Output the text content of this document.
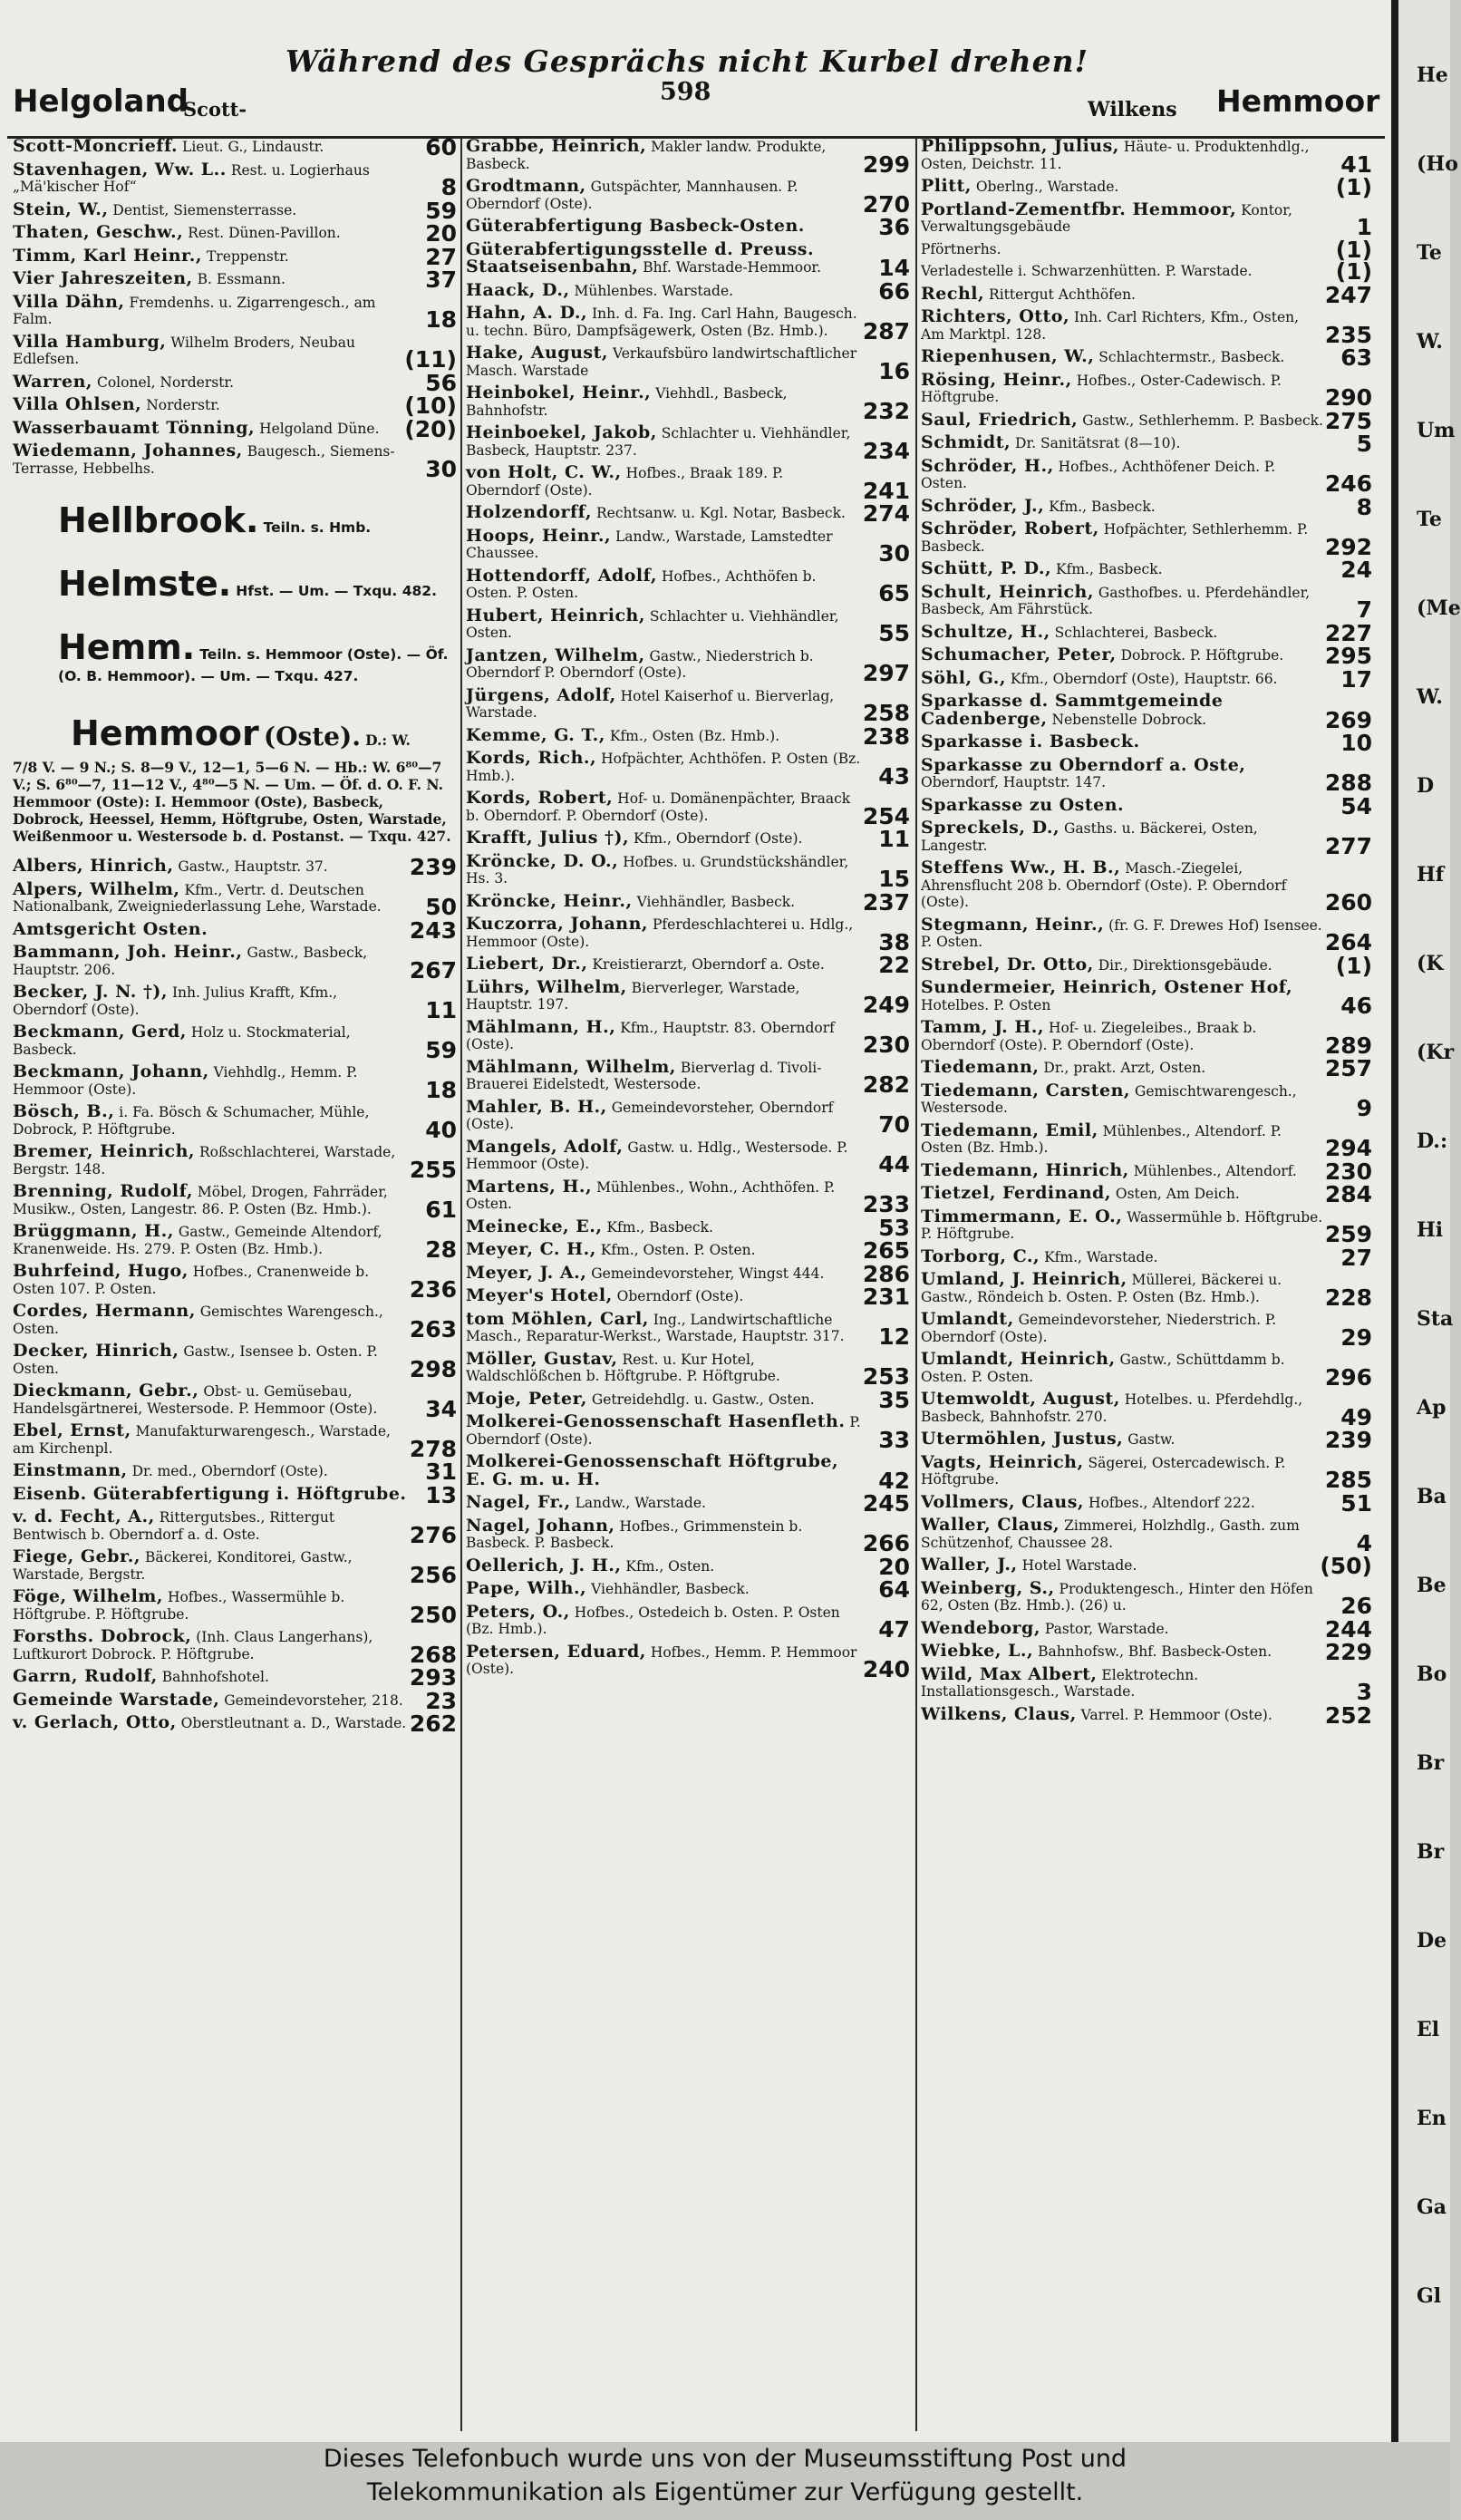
Während des Gesprächs nicht Kurbel drehen!
598
Helgoland
Scott-	Wilkens Hemmoor
Scott-Moncrieff. Lieut. G., Lindaustr.	60
Stavenhagen, Ww. L.. Rest. u. Logierhaus „Mä'kischer Hof“	8
Stein, W., Dentist, Siemensterrasse.	59
Thaten, Geschw., Rest. Dünen-Pavillon.	20
Timm, Karl Heinr., Treppenstr.	27
Vier Jahreszeiten, B. Essmann.	37
Villa Dähn, Fremdenhs. u. Zigarrengesch., am Falm.	18
Villa Hamburg, Wilhelm Broders, Neubau Edlefsen.	(11)
Warren, Colonel, Norderstr.	56
Villa Ohlsen, Norderstr.	(10)
Wasserbauamt Tönning, Helgoland Düne. (20)
Wiedemann, Johannes, Baugesch., Siemens-Terrasse, Hebbelhs.	30
Hellbrook. Teiln. s. Hmb.
Helmste. Hfst. — Um. — Txqu. 482.
Hemm. Teiln. s. Hemmoor (Oste). — Öf. (O. B. Hemmoor). — Um. — Txqu. 427.
Hemmoor (Oste). D.: W.
7/8 V. — 9 N.; S. 8—9 V., 12—1, 5—6 N. — Hb.: W. 6⁸⁰—7 V.; S. 6⁸⁰—7, 11—12 V., 4⁸⁰—5 N. — Um. — Öf. d. O. F. N. Hemmoor (Oste): I. Hemmoor (Oste), Basbeck, Dobrock, Heessel, Hemm, Höftgrube, Osten, Warstade, Weißenmoor u. Westersode b. d. Postanst. — Txqu. 427.
Albers, Hinrich, Gastw., Hauptstr. 37.	239
Alpers, Wilhelm, Kfm., Vertr. d. Deutschen Nationalbank, Zweigniederlassung Lehe, Warstade. 50
Amtsgericht Osten.	243
Bammann, Joh. Heinr., Gastw., Basbeck, Hauptstr. 206.	267
Becker, J. N. †), Inh. Julius Krafft, Kfm., Oberndorf (Oste).	11
Beckmann, Gerd, Holz u. Stockmaterial, Basbeck.	59
Beckmann, Johann, Viehhdlg., Hemm. P. Hemmoor (Oste).	18
Bösch, B., i. Fa. Bösch & Schumacher, Mühle, Dobrock, P. Höftgrube.	40
Bremer, Heinrich, Roßschlachterei, Warstade, Bergstr. 148.	255
Brenning, Rudolf, Möbel, Drogen, Fahrräder, Musikw., Osten, Langestr. 86. P. Osten (Bz. Hmb.). 61
Brüggmann, H., Gastw., Gemeinde Altendorf, Kranenweide. Hs. 279. P. Osten (Bz. Hmb.).	28
Buhrfeind, Hugo, Hofbes., Cranenweide b. Osten 107. P. Osten.	236
Cordes, Hermann, Gemischtes Warengesch., Osten.	263
Decker, Hinrich, Gastw., Isensee b. Osten. P. Osten.	298
Dieckmann, Gebr., Obst- u. Gemüsebau, Handelsgärtnerei, Westersode. P. Hemmoor (Oste). 34
Ebel, Ernst, Manufakturwarengesch., Warstade, am Kirchenpl.	278
Einstmann, Dr. med., Oberndorf (Oste).	31
Eisenb. Güterabfertigung i. Höftgrube. 13
v. d. Fecht, A., Rittergutsbes., Rittergut Bentwisch b. Oberndorf a. d. Oste.	276
Fiege, Gebr., Bäckerei, Konditorei, Gastw., Warstade, Bergstr.	256
Föge, Wilhelm, Hofbes., Wassermühle b. Höftgrube. P. Höftgrube.	250
Forsths. Dobrock, (Inh. Claus Langerhans), Luftkurort Dobrock. P. Höftgrube.	268
Garrn, Rudolf, Bahnhofshotel.	293
Gemeinde Warstade, Gemeindevorsteher, 218. 23
v. Gerlach, Otto, Oberstleutnant a. D., Warstade. 262
Grabbe, Heinrich, Makler landw. Produkte, Basbeck.	299
Grodtmann, Gutspächter, Mannhausen. P. Oberndorf (Oste).	270
Güterabfertigung Basbeck-Osten.	36
Güterabfertigungsstelle d. Preuss. Staatseisenbahn, Bhf. Warstade-Hemmoor.	14
Haack, D., Mühlenbes. Warstade.	66
Hahn, A. D., Inh. d. Fa. Ing. Carl Hahn, Baugesch. u. techn. Büro, Dampfsägewerk, Osten (Bz. Hmb.). 287
Hake, August, Verkaufsbüro landwirtschaftlicher Masch. Warstade	16
Heinbokel, Heinr., Viehhdl., Basbeck, Bahnhofstr.	232
Heinboekel, Jakob, Schlachter u. Viehhändler, Basbeck, Hauptstr. 237.	234
von Holt, C. W., Hofbes., Braak 189. P. Oberndorf (Oste).	241
Holzendorff, Rechtsanw. u. Kgl. Notar, Basbeck. 274
Hoops, Heinr., Landw., Warstade, Lamstedter Chaussee.	30
Hottendorff, Adolf, Hofbes., Achthöfen b. Osten. P. Osten.	65
Hubert, Heinrich, Schlachter u. Viehhändler, Osten.	55
Jantzen, Wilhelm, Gastw., Niederstrich b. Oberndorf P. Oberndorf (Oste).	297
Jürgens, Adolf, Hotel Kaiserhof u. Bierverlag, Warstade.	258
Kemme, G. T., Kfm., Osten (Bz. Hmb.).	238
Kords, Rich., Hofpächter, Achthöfen. P. Osten (Bz. Hmb.).	43
Kords, Robert, Hof- u. Domänenpächter, Braack b. Oberndorf. P. Oberndorf (Oste).	254
Krafft, Julius †), Kfm., Oberndorf (Oste).	11
Kröncke, D. O., Hofbes. u. Grundstückshändler, Hs. 3.	15
Kröncke, Heinr., Viehhändler, Basbeck.	237
Kuczorra, Johann, Pferdeschlachterei u. Hdlg., Hemmoor (Oste).	38
Liebert, Dr., Kreistierarzt, Oberndorf a. Oste. 22
Lührs, Wilhelm, Bierverleger, Warstade, Hauptstr. 197.	249
Mählmann, H., Kfm., Hauptstr. 83. Oberndorf (Oste).	230
Mählmann, Wilhelm, Bierverlag d. Tivoli-Brauerei Eidelstedt, Westersode.	282
Mahler, B. H., Gemeindevorsteher, Oberndorf (Oste).	70
Mangels, Adolf, Gastw. u. Hdlg., Westersode. P. Hemmoor (Oste).	44
Martens, H., Mühlenbes., Wohn., Achthöfen. P. Osten.	233
Meinecke, E., Kfm., Basbeck.	53
Meyer, C. H., Kfm., Osten. P. Osten.	265
Meyer, J. A., Gemeindevorsteher, Wingst 444. 286
Meyer's Hotel, Oberndorf (Oste).	231
tom Möhlen, Carl, Ing., Landwirtschaftliche Masch., Reparatur-Werkst., Warstade, Hauptstr. 317. 12
Möller, Gustav, Rest. u. Kur Hotel, Waldschlößchen b. Höftgrube. P. Höftgrube.	253
Moje, Peter, Getreidehdlg. u. Gastw., Osten.	35
Molkerei-Genossenschaft Hasenfleth. P. Oberndorf (Oste).	33
Molkerei-Genossenschaft Höftgrube, E. G. m. u. H.	42
Nagel, Fr., Landw., Warstade.	245
Nagel, Johann, Hofbes., Grimmenstein b. Basbeck. P. Basbeck.	266
Oellerich, J. H., Kfm., Osten.	20
Pape, Wilh., Viehhändler, Basbeck.	64
Peters, O., Hofbes., Ostedeich b. Osten. P. Osten (Bz. Hmb.).	47
Petersen, Eduard, Hofbes., Hemm. P. Hemmoor (Oste).	240
Philippsohn, Julius, Häute- u. Produktenhdlg., Osten, Deichstr. 11.	41
Plitt, Oberlng., Warstade.	(1)
Portland-Zementfbr. Hemmoor, Kontor, Verwaltungsgebäude	1
Pförtnerhs.	(1)
Verladestelle i. Schwarzenhütten. P. Warstade.	(1)
Rechl, Rittergut Achthöfen.	247
Richters, Otto, Inh. Carl Richters, Kfm., Osten, Am Marktpl. 128.	235
Riepenhusen, W., Schlachtermstr., Basbeck. 63
Rösing, Heinr., Hofbes., Oster-Cadewisch. P. Höftgrube.	290
Saul, Friedrich, Gastw., Sethlerhemm. P. Basbeck. 275
Schmidt, Dr. Sanitätsrat (8—10).	5
Schröder, H., Hofbes., Achthöfener Deich. P. Osten.	246
Schröder, J., Kfm., Basbeck.	8
Schröder, Robert, Hofpächter, Sethlerhemm. P. Basbeck.	292
Schütt, P. D., Kfm., Basbeck.	24
Schult, Heinrich, Gasthofbes. u. Pferdehändler, Basbeck, Am Fährstück.	7
Schultze, H., Schlachterei, Basbeck.	227
Schumacher, Peter, Dobrock. P. Höftgrube. 295
Söhl, G., Kfm., Oberndorf (Oste), Hauptstr. 66.	17
Sparkasse d. Sammtgemeinde Cadenberge, Nebenstelle Dobrock.	269
Sparkasse i. Basbeck.	10
Sparkasse zu Oberndorf a. Oste, Oberndorf, Hauptstr. 147.	288
Sparkasse zu Osten.	54
Spreckels, D., Gasths. u. Bäckerei, Osten, Langestr.	277
Steffens Ww., H. B., Masch.-Ziegelei, Ahrensflucht 208 b. Oberndorf (Oste). P. Oberndorf (Oste).	260
Stegmann, Heinr., (fr. G. F. Drewes Hof) Isensee. P. Osten.	264
Strebel, Dr. Otto, Dir., Direktionsgebäude.	(1)
Sundermeier, Heinrich, Ostener Hof, Hotelbes. P. Osten	46
Tamm, J. H., Hof- u. Ziegeleibes., Braak b. Oberndorf (Oste). P. Oberndorf (Oste).	289
Tiedemann, Dr., prakt. Arzt, Osten.	257
Tiedemann, Carsten, Gemischtwarengesch., Westersode.	9
Tiedemann, Emil, Mühlenbes., Altendorf. P. Osten (Bz. Hmb.).	294
Tiedemann, Hinrich, Mühlenbes., Altendorf. 230
Tietzel, Ferdinand, Osten, Am Deich.	284
Timmermann, E. O., Wassermühle b. Höftgrube. P. Höftgrube.	259
Torborg, C., Kfm., Warstade.	27
Umland, J. Heinrich, Müllerei, Bäckerei u. Gastw., Röndeich b. Osten. P. Osten (Bz. Hmb.).	228
Umlandt, Gemeindevorsteher, Niederstrich. P. Oberndorf (Oste).	29
Umlandt, Heinrich, Gastw., Schüttdamm b. Osten. P. Osten.	296
Utemwoldt, August, Hotelbes. u. Pferdehdlg., Basbeck, Bahnhofstr. 270.	49
Utermöhlen, Justus, Gastw.	239
Vagts, Heinrich, Sägerei, Ostercadewisch. P. Höftgrube.	285
Vollmers, Claus, Hofbes., Altendorf 222.	51
Waller, Claus, Zimmerei, Holzhdlg., Gasth. zum Schützenhof, Chaussee 28.	4
Waller, J., Hotel Warstade.	(50)
Weinberg, S., Produktengesch., Hinter den Höfen 62, Osten (Bz. Hmb.). (26) u.	26
Wendeborg, Pastor, Warstade.	244
Wiebke, L., Bahnhofsw., Bhf. Basbeck-Osten. 229
Wild, Max Albert, Elektrotechn. Installationsgesch., Warstade.	3
Wilkens, Claus, Varrel. P. Hemmoor (Oste). 252
He
(Ho
Te
W.
Um
Te
(Me
W.
D
Hf
(K
(Kr
D.:
Hi
Sta
Ap
Ba
Be
Bo
Br
Br
De
El
En
Ga
Gl
Dieses Telefonbuch wurde uns von der Museumsstiftung Post und
Telekommunikation als Eigentümer zur Verfügung gestellt.
